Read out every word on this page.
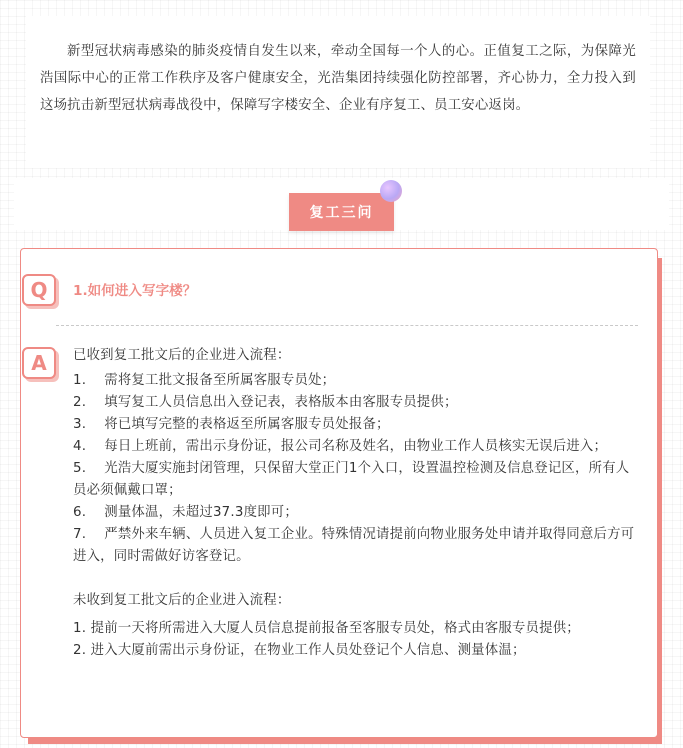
新型冠状病毒感染的肺炎疫情自发生以来，牵动全国每一个人的心。正值复工之际，为保障光浩国际中心的正常工作秩序及客户健康安全，光浩集团持续强化防控部署，齐心协力，全力投入到这场抗击新型冠状病毒战役中，保障写字楼安全、企业有序复工、员工安心返岗。
复工三问
Q	1.如何进入写字楼？
A	已收到复工批文后的企业进入流程：

1.　 需将复工批文报备至所属客服专员处；
2.　 填写复工人员信息出入登记表，表格版本由客服专员提供；
3.　 将已填写完整的表格返至所属客服专员处报备；
4.　 每日上班前，需出示身份证，报公司名称及姓名，由物业工作人员核实无误后进入；
5.　 光浩大厦实施封闭管理，只保留大堂正门1个入口，设置温控检测及信息登记区，所有人员必须佩戴口罩；
6.　 测量体温，未超过37.3度即可；
7.　 严禁外来车辆、人员进入复工企业。特殊情况请提前向物业服务处申请并取得同意后方可进入，同时需做好访客登记。

未收到复工批文后的企业进入流程：

1. 提前一天将所需进入大厦人员信息提前报备至客服专员处，格式由客服专员提供；
2. 进入大厦前需出示身份证，在物业工作人员处登记个人信息、测量体温；
